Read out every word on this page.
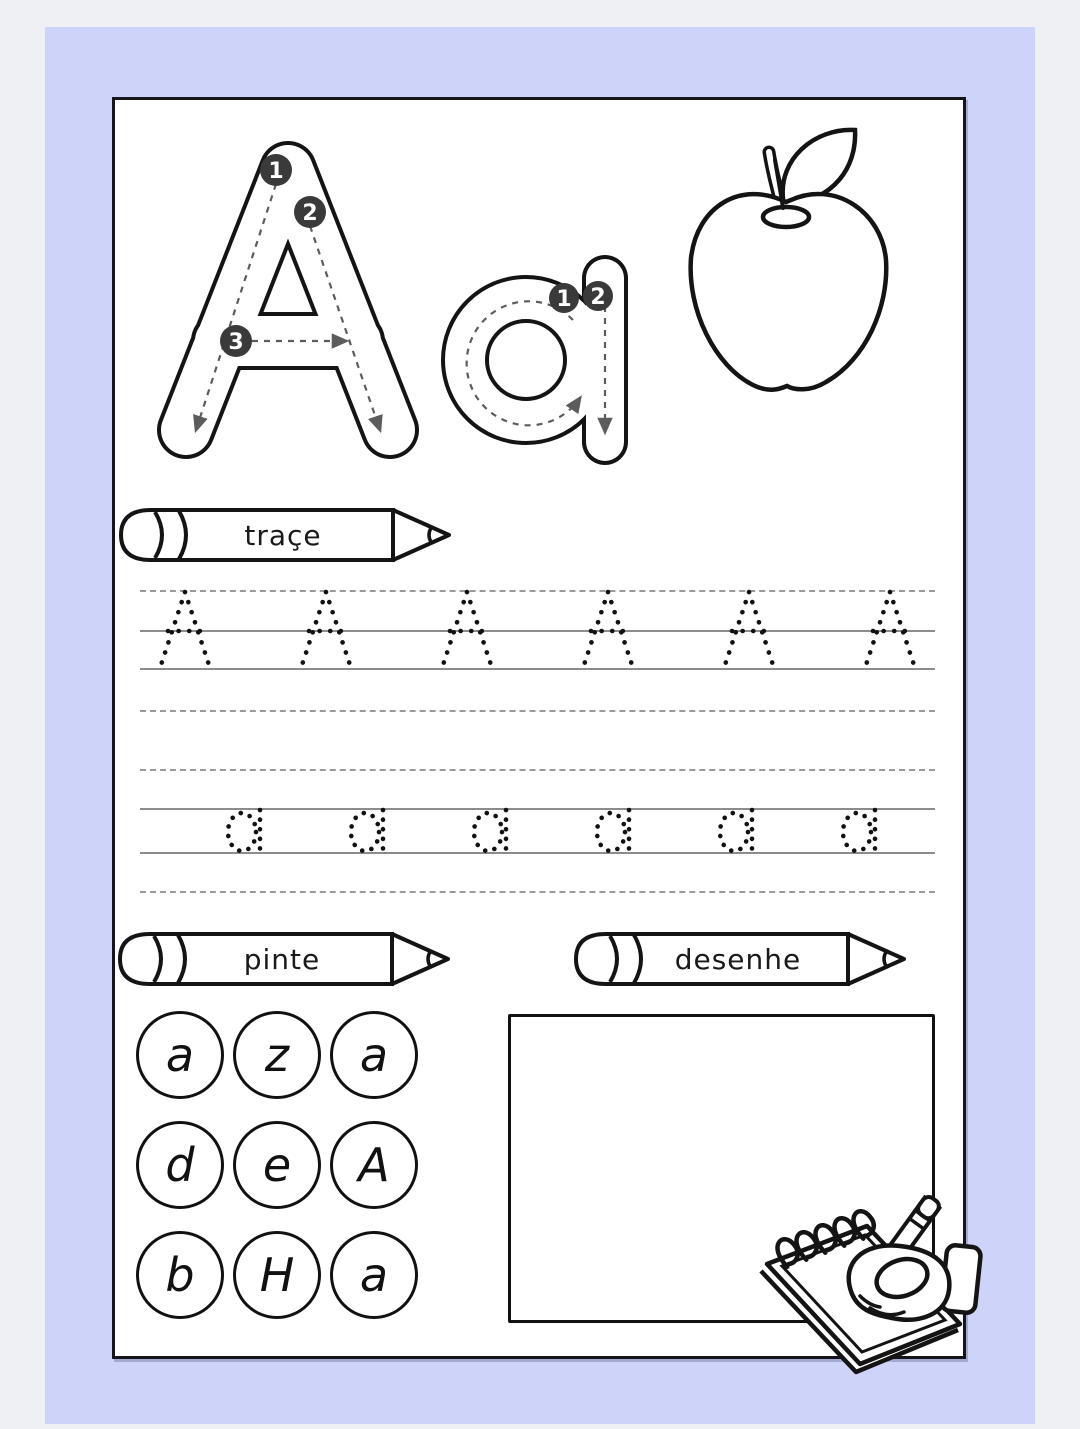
1
2
3
1 2
traçe
pinte	desenhe
a z a
d e A
b H a
